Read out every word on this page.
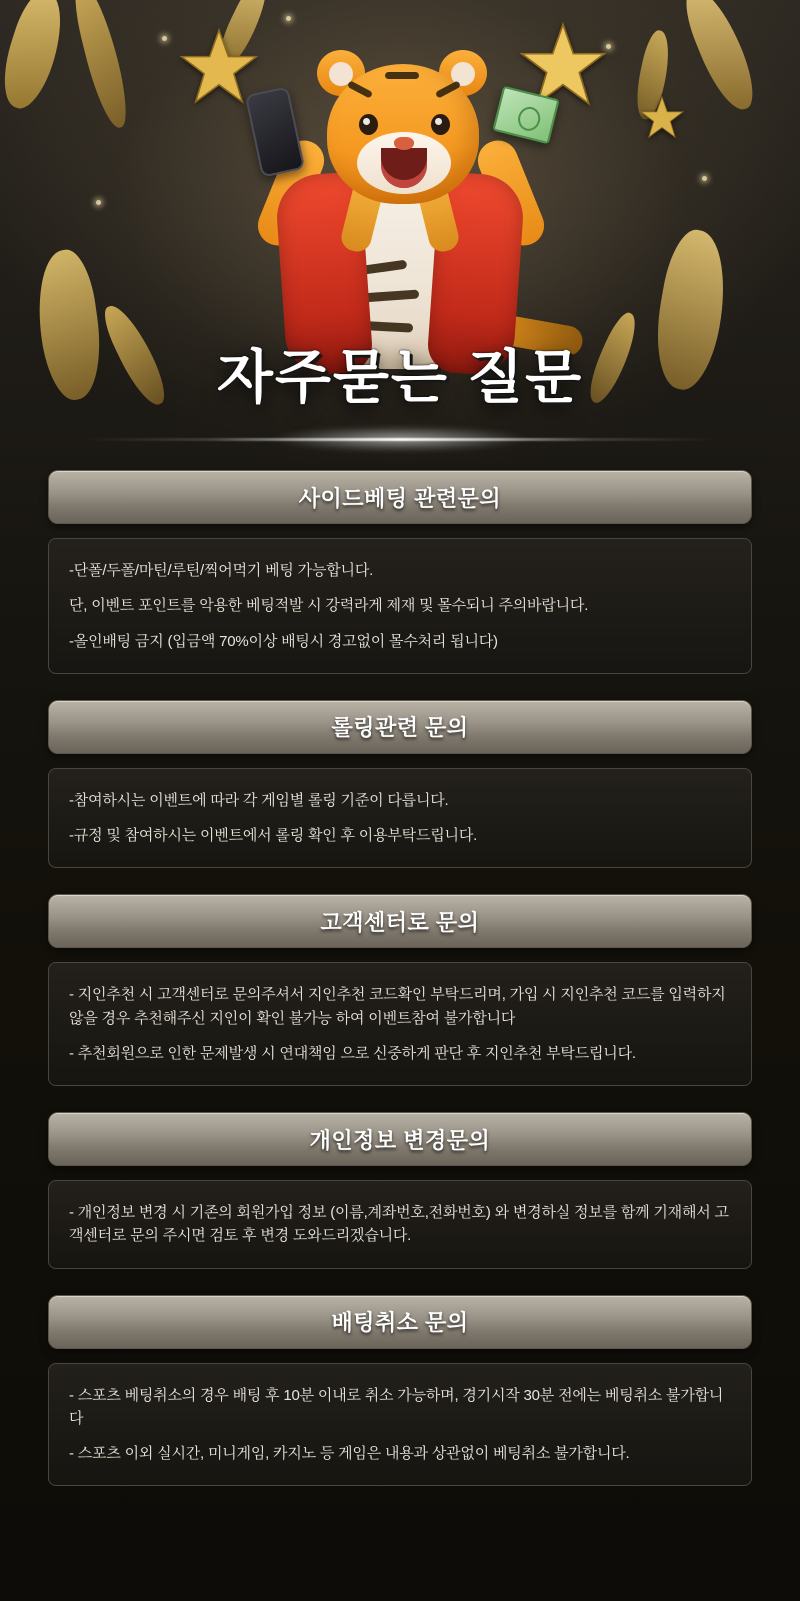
자주묻는 질문
사이드베팅 관련문의
-단폴/두폴/마틴/루틴/찍어먹기 베팅 가능합니다.
단, 이벤트 포인트를 악용한 베팅적발 시 강력라게 제재 및 몰수되니 주의바랍니다.
-올인배팅 금지 (입금액 70%이상 배팅시 경고없이 몰수처리 됩니다)
롤링관련 문의
-참여하시는 이벤트에 따라 각 게임별 롤링 기준이 다릅니다.
-규정 및 참여하시는 이벤트에서 롤링 확인 후 이용부탁드립니다.
고객센터로 문의
- 지인추천 시 고객센터로 문의주셔서 지인추천 코드확인 부탁드리며, 가입 시 지인추천 코드를 입력하지 않을 경우 추천해주신 지인이 확인 불가능 하여 이벤트참여 불가합니다
- 추천회원으로 인한 문제발생 시 연대책임 으로 신중하게 판단 후 지인추천 부탁드립니다.
개인정보 변경문의
- 개인정보 변경 시 기존의 회원가입 정보 (이름,계좌번호,전화번호) 와 변경하실 정보를 함께 기재해서 고객센터로 문의 주시면 검토 후 변경 도와드리겠습니다.
배팅취소 문의
- 스포츠 베팅취소의 경우 배팅 후 10분 이내로 취소 가능하며, 경기시작 30분 전에는 베팅취소 불가합니다
- 스포츠 이외 실시간, 미니게임, 카지노 등 게임은 내용과 상관없이 베팅취소 불가합니다.
